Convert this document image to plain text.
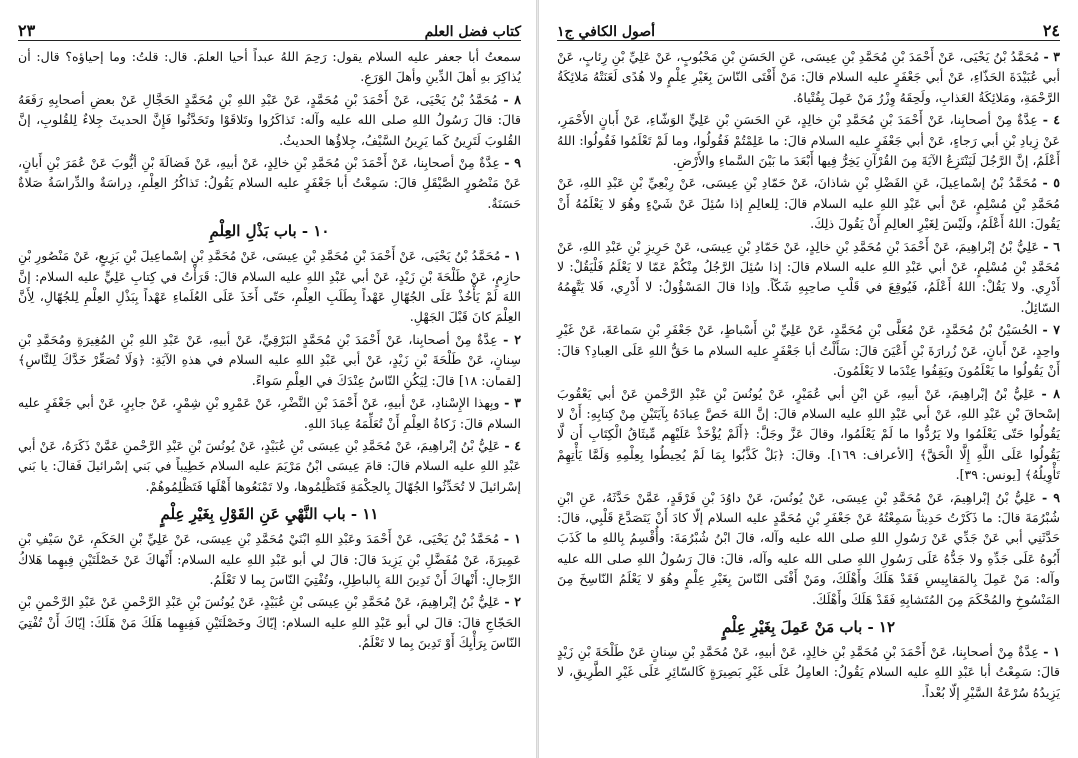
كتاب فضل العلم
٢٣
سمعتُ أبا جعفر عليه السلام يقول: رَحِمَ اللهُ عبداً أحيا العلمَ. قال: قلتُ: وما إحياؤه؟ قال: أن يُذاكِرَ بهِ أهلَ الدِّينِ وأهلَ الوَرَعِ.
٨ - مُحَمَّدُ بْنُ يَحْيَى، عَنْ أَحْمَدَ بْنِ مُحَمَّدٍ، عَنْ عَبْدِ اللهِ بْنِ مُحَمَّدٍ الحَجَّالِ عَنْ بعضِ أصحابِهِ رَفَعَهُ قالَ: قالَ رَسُولُ اللهِ صلى الله عليه وآله: تَذاكَرُوا وتَلاقَوْا وتَحَدَّثُوا فَإِنَّ الحديثَ جِلاءٌ لِلقُلوبِ، إنَّ القُلوبَ لَتَرِينُ كَما يَرِينُ السَّيْفُ، جِلاؤُها الحديثُ.
٩ - عِدَّةٌ مِنْ أصحابِنا، عَنْ أَحْمَدَ بْنِ مُحَمَّدِ بْنِ خالِدٍ، عَنْ أبيهِ، عَنْ فَضالَةَ بْنِ أيُّوبَ عَنْ عُمَرَ بْنِ أَبانٍ، عَنْ مَنْصُورٍ الصَّيْقَلِ قالَ: سَمِعْتُ أبا جَعْفَرٍ عليه السلام يَقُولُ: تَذاكُرُ العِلْمِ، دِراسَةٌ والدِّراسَةُ صَلاةٌ حَسَنَةٌ.
١٠ - باب بَذْلِ العِلْمِ
١ - مُحَمَّدُ بْنُ يَحْيَى، عَنْ أَحْمَدَ بْنِ مُحَمَّدِ بْنِ عِيسَى، عَنْ مُحَمَّدِ بْنِ إسْماعِيلَ بْنِ بَزِيعٍ، عَنْ مَنْصُورِ بْنِ حازِمٍ، عَنْ طَلْحَةَ بْنِ زَيْدٍ، عَنْ أبي عَبْدِ اللهِ عليه السلام قالَ: قَرَأْتُ في كِتابِ عَلِيٍّ عليه السلام: إنَّ اللهَ لَمْ يَأْخُذْ عَلَى الجُهّالِ عَهْداً بِطَلَبِ العِلْمِ، حَتّى أَخَذَ عَلَى العُلَماءِ عَهْداً بِبَذْلِ العِلْمِ لِلجُهّالِ، لِأَنَّ العِلْمَ كانَ قَبْلَ الجَهْلِ.
٢ - عِدَّةٌ مِنْ أصحابِنا، عَنْ أَحْمَدَ بْنِ مُحَمَّدٍ البَرْقِيِّ، عَنْ أبيهِ، عَنْ عَبْدِ اللهِ بْنِ المُغِيرَةِ ومُحَمَّدِ بْنِ سِنانٍ، عَنْ طَلْحَةَ بْنِ زَيْدٍ، عَنْ أبي عَبْدِ اللهِ عليه السلام في هذهِ الآيَةِ: ﴿وَلَا تُصَعِّرْ خَدَّكَ لِلنَّاسِ﴾ [لقمان: ١٨] قالَ: لِيَكُنِ النّاسُ عِنْدَكَ في العِلْمِ سَواءً.
٣ - وبِهذا الإِسْنادِ، عَنْ أبيهِ، عَنْ أَحْمَدَ بْنِ النَّضْرِ، عَنْ عَمْرِو بْنِ شِمْرٍ، عَنْ جابِرٍ، عَنْ أبي جَعْفَرٍ عليه السلام قالَ: زَكاةُ العِلْمِ أَنْ تُعَلِّمَهُ عِبادَ اللهِ.
٤ - عَلِيُّ بْنُ إبْراهِيمَ، عَنْ مُحَمَّدِ بْنِ عِيسَى بْنِ عُبَيْدٍ، عَنْ يُونُسَ بْنِ عَبْدِ الرَّحْمنِ عَمَّنْ ذَكَرَهُ، عَنْ أبي عَبْدِ اللهِ عليه السلام قالَ: قامَ عِيسَى ابْنُ مَرْيَمَ عليه السلام خَطِيباً في بَني إسْرائيلَ فَقالَ: يا بَني إسْرائيلَ لا تُحَدِّثُوا الجُهّالَ بِالحِكْمَةِ فَتَظْلِمُوها، ولا تَمْنَعُوها أَهْلَها فَتَظْلِمُوهُمْ.
١١ - باب النَّهْيِ عَنِ القَوْلِ بِغَيْرِ عِلْمٍ
١ - مُحَمَّدُ بْنُ يَحْيَى، عَنْ أَحْمَدَ وعَبْدِ اللهِ ابْنَيْ مُحَمَّدِ بْنِ عِيسَى، عَنْ عَلِيِّ بْنِ الحَكَمِ، عَنْ سَيْفِ بْنِ عَمِيرَةَ، عَنْ مُفَضَّلِ بْنِ يَزِيدَ قالَ: قالَ لي أبو عَبْدِ اللهِ عليه السلام: أَنْهاكَ عَنْ خَصْلَتَيْنِ فِيهِما هَلاكُ الرِّجالِ: أَنْهاكَ أَنْ تَدِينَ اللهَ بِالباطِلِ، وتُفْتِيَ النّاسَ بِما لا تَعْلَمُ.
٢ - عَلِيُّ بْنُ إبْراهِيمَ، عَنْ مُحَمَّدِ بْنِ عِيسَى بْنِ عُبَيْدٍ، عَنْ يُونُسَ بْنِ عَبْدِ الرَّحْمنِ عَنْ عَبْدِ الرَّحْمنِ بْنِ الحَجّاجِ قالَ: قالَ لي أبو عَبْدِ اللهِ عليه السلام: إيّاكَ وخَصْلَتَيْنِ فَفِيهِما هَلَكَ مَنْ هَلَكَ: إيّاكَ أَنْ تُفْتِيَ النّاسَ بِرَأْيِكَ أَوْ تَدِينَ بِما لا تَعْلَمُ.
٢٤
أصول الكافي ج١
٣ - مُحَمَّدُ بْنُ يَحْيَى، عَنْ أَحْمَدَ بْنِ مُحَمَّدِ بْنِ عِيسَى، عَنِ الحَسَنِ بْنِ مَحْبُوبٍ، عَنْ عَلِيِّ بْنِ رِئابٍ، عَنْ أبي عُبَيْدَةَ الحَذّاءِ، عَنْ أبي جَعْفَرٍ عليه السلام قالَ: مَنْ أَفْتَى النّاسَ بِغَيْرِ عِلْمٍ ولا هُدًى لَعَنَتْهُ مَلائِكَةُ الرَّحْمَةِ، ومَلائِكَةُ العَذابِ، ولَحِقَهُ وِزْرُ مَنْ عَمِلَ بِفُتْياهُ.
٤ - عِدَّةٌ مِنْ أصحابِنا، عَنْ أَحْمَدَ بْنِ مُحَمَّدِ بْنِ خالِدٍ، عَنِ الحَسَنِ بْنِ عَلِيٍّ الوَشّاءِ، عَنْ أَبانٍ الأَحْمَرِ، عَنْ زِيادِ بْنِ أبي رَجاءٍ، عَنْ أبي جَعْفَرٍ عليه السلام قالَ: ما عَلِمْتُمْ فَقُولُوا، وما لَمْ تَعْلَمُوا فَقُولُوا: اللهُ أَعْلَمُ، إنَّ الرَّجُلَ لَيَنْتَزِعُ الآيَةَ مِنَ القُرْآنِ يَخِرُّ فِيها أَبْعَدَ ما بَيْنَ السَّماءِ والأَرْضِ.
٥ - مُحَمَّدُ بْنُ إسْماعِيلَ، عَنِ الفَضْلِ بْنِ شاذانَ، عَنْ حَمّادِ بْنِ عِيسَى، عَنْ رِبْعِيِّ بْنِ عَبْدِ اللهِ، عَنْ مُحَمَّدِ بْنِ مُسْلِمٍ، عَنْ أبي عَبْدِ اللهِ عليه السلام قالَ: لِلعالِمِ إذا سُئِلَ عَنْ شَيْءٍ وهُوَ لا يَعْلَمُهُ أَنْ يَقُولَ: اللهُ أَعْلَمُ، ولَيْسَ لِغَيْرِ العالِمِ أَنْ يَقُولَ ذلِكَ.
٦ - عَلِيُّ بْنُ إبْراهِيمَ، عَنْ أَحْمَدَ بْنِ مُحَمَّدِ بْنِ خالِدٍ، عَنْ حَمّادِ بْنِ عِيسَى، عَنْ حَرِيزِ بْنِ عَبْدِ اللهِ، عَنْ مُحَمَّدِ بْنِ مُسْلِمٍ، عَنْ أبي عَبْدِ اللهِ عليه السلام قالَ: إذا سُئِلَ الرَّجُلُ مِنْكُمْ عَمّا لا يَعْلَمُ فَلْيَقُلْ: لا أَدْرِي. ولا يَقُلْ: اللهُ أَعْلَمُ، فَيُوقِعَ في قَلْبِ صاحِبِهِ شَكّاً. وإذا قالَ المَسْؤُولُ: لا أَدْرِي، فَلا يَتَّهِمُهُ السّائِلُ.
٧ - الحُسَيْنُ بْنُ مُحَمَّدٍ، عَنْ مُعَلَّى بْنِ مُحَمَّدٍ، عَنْ عَلِيِّ بْنِ أَسْباطٍ، عَنْ جَعْفَرِ بْنِ سَماعَةَ، عَنْ غَيْرِ واحِدٍ، عَنْ أَبانٍ، عَنْ زُرارَةَ بْنِ أَعْيَنَ قالَ: سَأَلْتُ أبا جَعْفَرٍ عليه السلام ما حَقُّ اللهِ عَلَى العِبادِ؟ قالَ: أَنْ يَقُولُوا ما يَعْلَمُونَ ويَقِفُوا عِنْدَما لا يَعْلَمُونَ.
٨ - عَلِيُّ بْنُ إبْراهِيمَ، عَنْ أبيهِ، عَنِ ابْنِ أبي عُمَيْرٍ، عَنْ يُونُسَ بْنِ عَبْدِ الرَّحْمنِ عَنْ أبي يَعْقُوبَ إسْحاقَ بْنِ عَبْدِ اللهِ، عَنْ أبي عَبْدِ اللهِ عليه السلام قالَ: إنَّ اللهَ خَصَّ عِبادَهُ بِآيَتَيْنِ مِنْ كِتابِهِ: أَنْ لا يَقُولُوا حَتّى يَعْلَمُوا ولا يَرُدُّوا ما لَمْ يَعْلَمُوا، وقالَ عَزَّ وجَلَّ: ﴿أَلَمْ يُؤْخَذْ عَلَيْهِم مِّيثَاقُ الْكِتَابِ أَن لَّا يَقُولُوا عَلَى اللَّهِ إِلَّا الْحَقَّ﴾ [الأعراف: ١٦٩]. وقالَ: ﴿بَلْ كَذَّبُوا بِمَا لَمْ يُحِيطُوا بِعِلْمِهِ وَلَمَّا يَأْتِهِمْ تَأْوِيلُهُ﴾ [يونس: ٣٩].
٩ - عَلِيُّ بْنُ إبْراهِيمَ، عَنْ مُحَمَّدِ بْنِ عِيسَى، عَنْ يُونُسَ، عَنْ داوُدَ بْنِ فَرْقَدٍ، عَمَّنْ حَدَّثَهُ، عَنِ ابْنِ شُبْرُمَةَ قالَ: ما ذَكَرْتُ حَدِيثاً سَمِعْتُهُ عَنْ جَعْفَرِ بْنِ مُحَمَّدٍ عليه السلام إلّا كادَ أَنْ يَتَصَدَّعَ قَلْبِي، قالَ: حَدَّثَنِي أبي عَنْ جَدِّي عَنْ رَسُولِ اللهِ صلى الله عليه وآله، قالَ ابْنُ شُبْرُمَةَ: وأُقْسِمُ بِاللهِ ما كَذَبَ أَبُوهُ عَلَى جَدِّهِ ولا جَدُّهُ عَلَى رَسُولِ اللهِ صلى الله عليه وآله، قالَ: قالَ رَسُولُ اللهِ صلى الله عليه وآله: مَنْ عَمِلَ بِالمَقايِيسِ فَقَدْ هَلَكَ وأَهْلَكَ، ومَنْ أَفْتَى النّاسَ بِغَيْرِ عِلْمٍ وهُوَ لا يَعْلَمُ النّاسِخَ مِنَ المَنْسُوخِ والمُحْكَمَ مِنَ المُتَشابِهِ فَقَدْ هَلَكَ وأَهْلَكَ.
١٢ - باب مَنْ عَمِلَ بِغَيْرِ عِلْمٍ
١ - عِدَّةٌ مِنْ أصحابِنا، عَنْ أَحْمَدَ بْنِ مُحَمَّدِ بْنِ خالِدٍ، عَنْ أبيهِ، عَنْ مُحَمَّدِ بْنِ سِنانٍ عَنْ طَلْحَةَ بْنِ زَيْدٍ قالَ: سَمِعْتُ أبا عَبْدِ اللهِ عليه السلام يَقُولُ: العامِلُ عَلَى غَيْرِ بَصِيرَةٍ كَالسّائِرِ عَلَى غَيْرِ الطَّرِيقِ، لا يَزِيدُهُ سُرْعَةُ السَّيْرِ إلّا بُعْداً.
